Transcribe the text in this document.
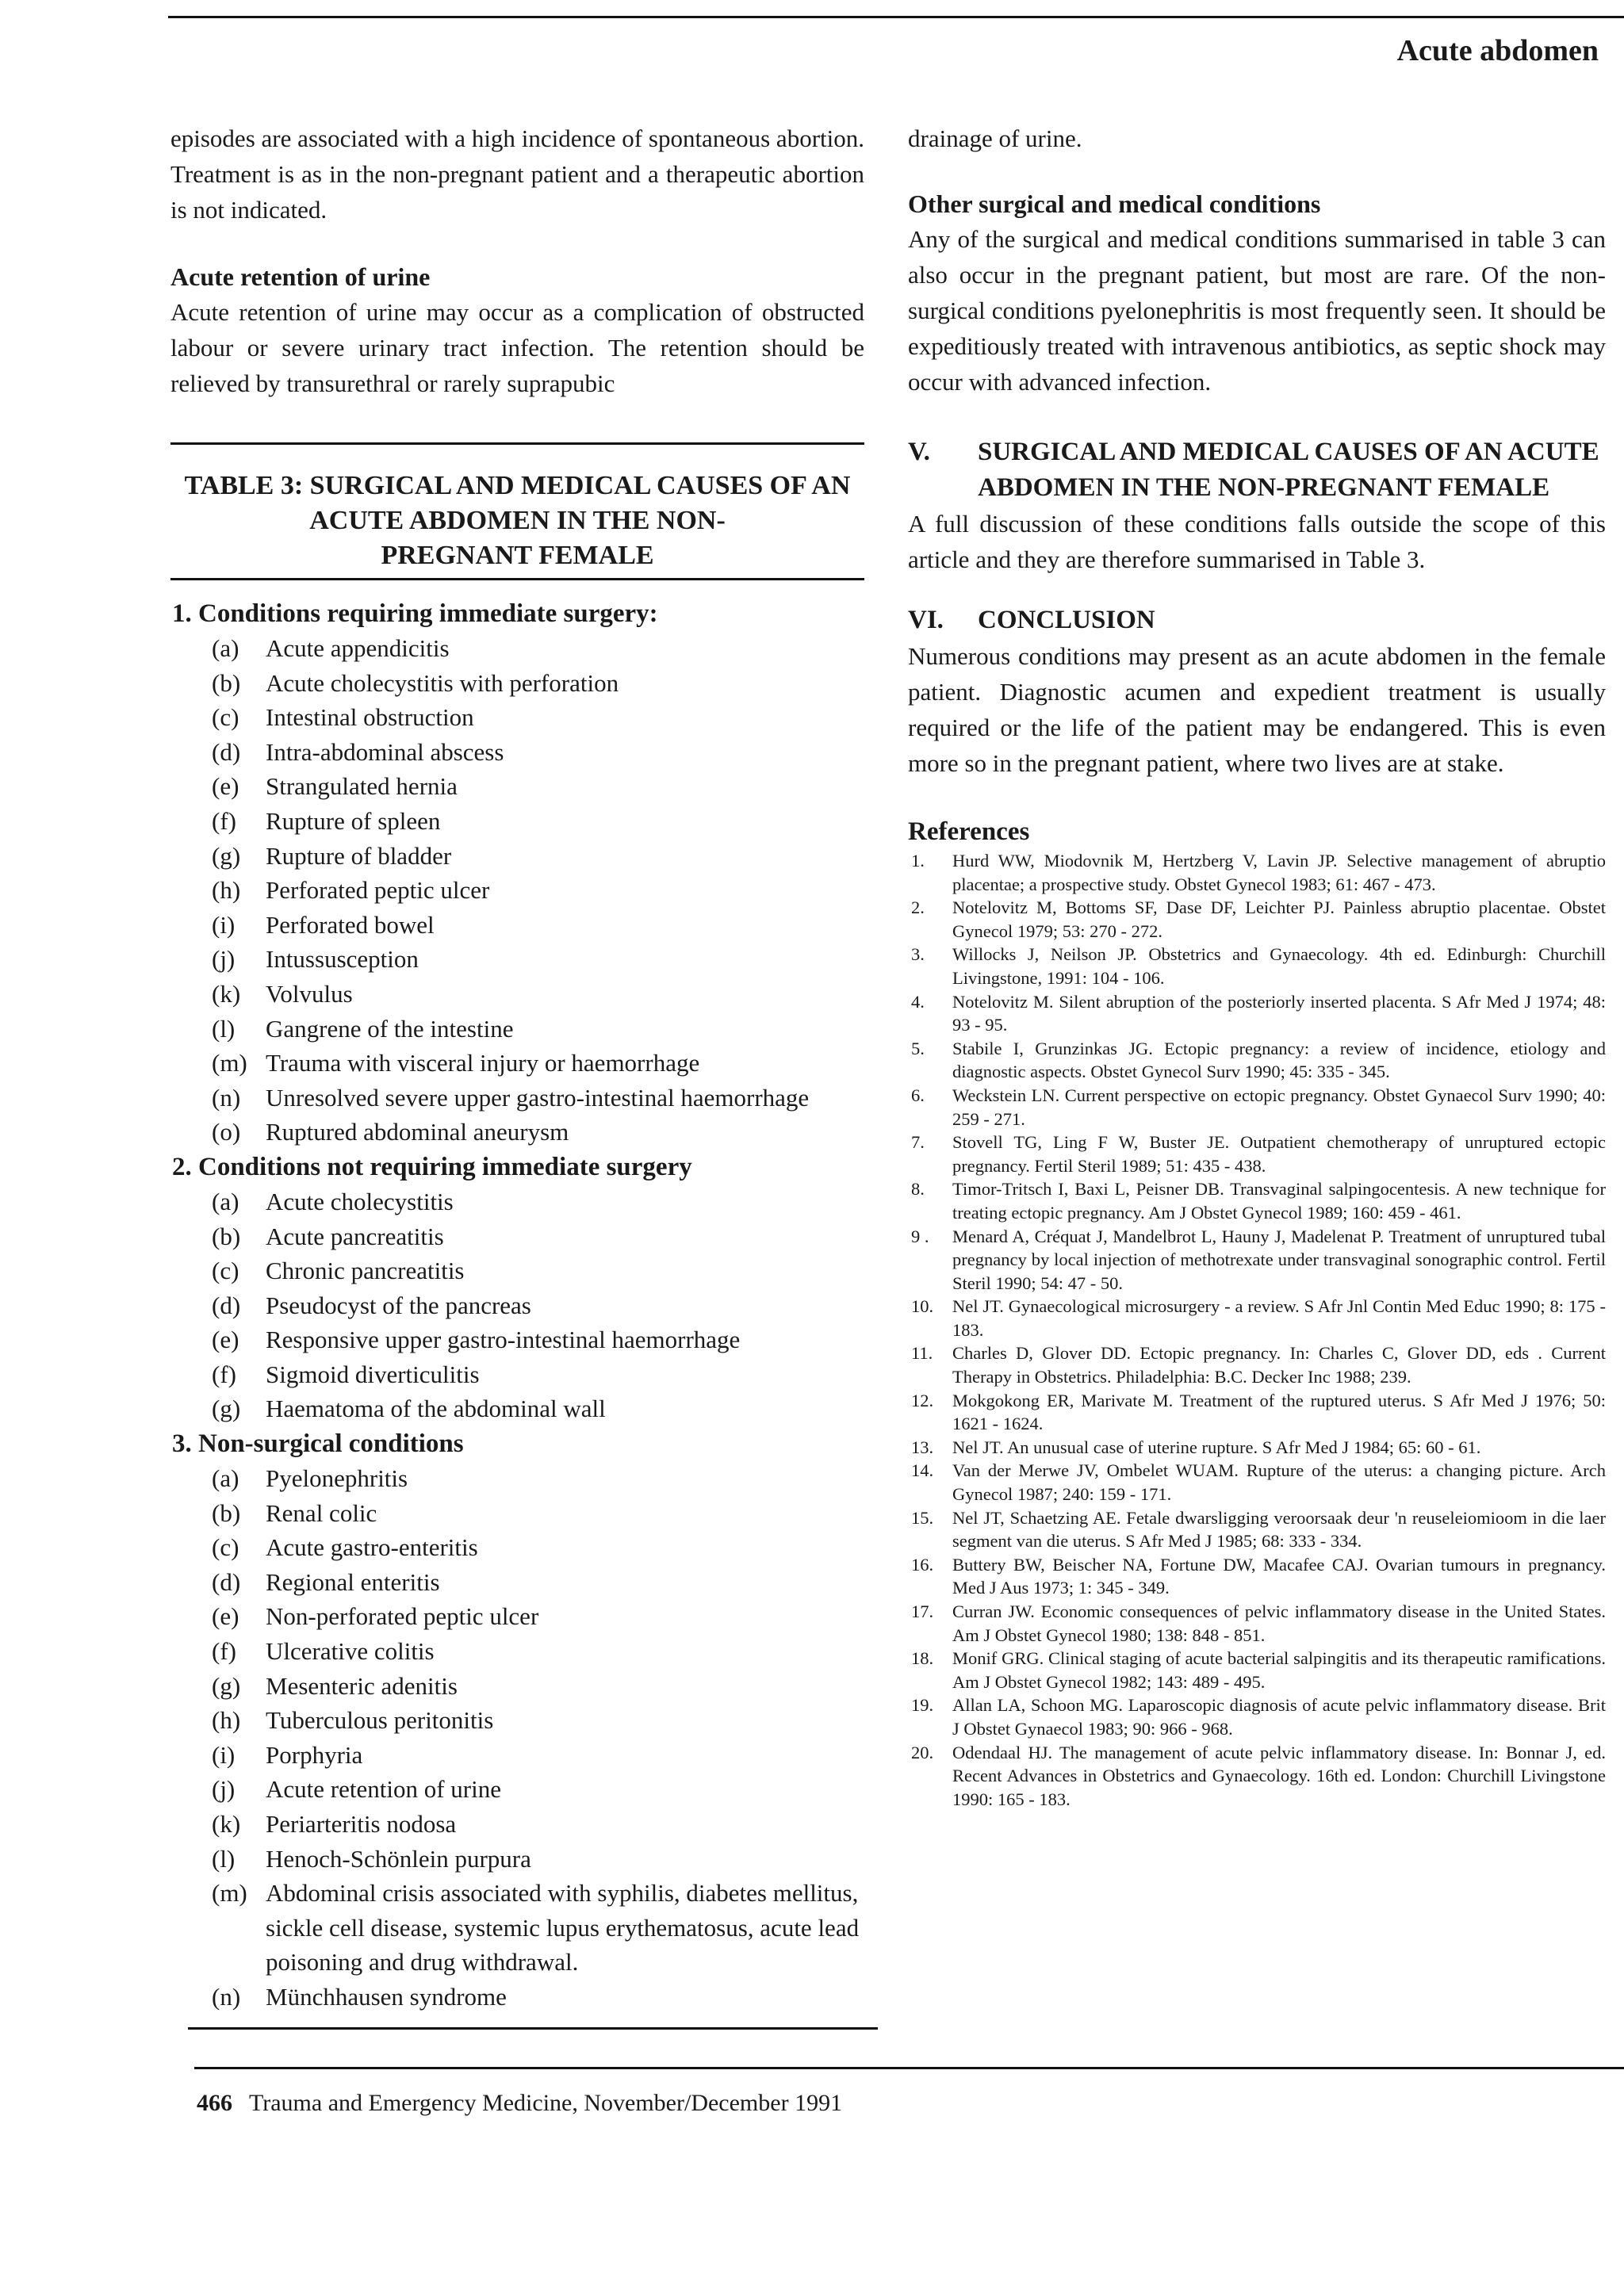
Acute abdomen

episodes are associated with a high incidence of spontaneous abortion. Treatment is as in the non-pregnant patient and a therapeutic abortion is not indicated.

Acute retention of urine

Acute retention of urine may occur as a complication of obstructed labour or severe urinary tract infection. The retention should be relieved by transurethral or rarely suprapubic

TABLE 3: SURGICAL AND MEDICAL CAUSES OF AN

ACUTE ABDOMEN IN THE NON-

PREGNANT FEMALE

1. Conditions requiring immediate surgery:

(a)	Acute appendicitis
(b)	Acute cholecystitis with perforation
(c)	Intestinal obstruction
(d)	Intra-abdominal abscess
(e)	Strangulated hernia
(f)	Rupture of spleen
(g)	Rupture of bladder
(h)	Perforated peptic ulcer
(i)	Perforated bowel
(j)	Intussusception
(k)	Volvulus
(l)	Gangrene of the intestine
(m) Trauma with visceral injury or haemorrhage
(n)	Unresolved severe upper gastro-intestinal haemorrhage
(o)	Ruptured abdominal aneurysm

2. Conditions not requiring immediate surgery

(a)	Acute cholecystitis
(b)	Acute pancreatitis
(c)	Chronic pancreatitis
(d)	Pseudocyst of the pancreas
(e)	Responsive upper gastro-intestinal haemorrhage
(f)	Sigmoid diverticulitis
(g)	Haematoma of the abdominal wall

3. Non-surgical conditions

(a)	Pyelonephritis
(b)	Renal colic
(c)	Acute gastro-enteritis
(d)	Regional enteritis
(e)	Non-perforated peptic ulcer
(f)	Ulcerative colitis
(g)	Mesenteric adenitis
(h)	Tuberculous peritonitis
(i)	Porphyria
(j)	Acute retention of urine
(k)	Periarteritis nodosa
(l)	Henoch-Schönlein purpura
(m) Abdominal crisis associated with syphilis, diabetes mellitus, sickle cell disease, systemic lupus erythematosus, acute lead poisoning and drug withdrawal.
(n)	Münchhausen syndrome

drainage of urine.

Other surgical and medical conditions

Any of the surgical and medical conditions summarised in table 3 can also occur in the pregnant patient, but most are rare. Of the non-surgical conditions pyelonephritis is most frequently seen. It should be expeditiously treated with intravenous antibiotics, as septic shock may occur with advanced infection.

V.	SURGICAL AND MEDICAL CAUSES OF AN ACUTE ABDOMEN IN THE NON-PREGNANT FEMALE

A full discussion of these conditions falls outside the scope of this article and they are therefore summarised in Table 3.

VI.	CONCLUSION

Numerous conditions may present as an acute abdomen in the female patient. Diagnostic acumen and expedient treatment is usually required or the life of the patient may be endangered. This is even more so in the pregnant patient, where two lives are at stake.

References
1.	Hurd WW, Miodovnik M, Hertzberg V, Lavin JP. Selective management of abruptio placentae; a prospective study. Obstet Gynecol 1983; 61: 467 - 473.
2.	Notelovitz M, Bottoms SF, Dase DF, Leichter PJ. Painless abruptio placentae. Obstet Gynecol 1979; 53: 270 - 272.
3.	Willocks J, Neilson JP. Obstetrics and Gynaecology. 4th ed. Edinburgh: Churchill Livingstone, 1991: 104 - 106.
4.	Notelovitz M. Silent abruption of the posteriorly inserted placenta. S Afr Med J 1974; 48: 93 - 95.
5.	Stabile I, Grunzinkas JG. Ectopic pregnancy: a review of incidence, etiology and diagnostic aspects. Obstet Gynecol Surv 1990; 45: 335 - 345.
6.	Weckstein LN. Current perspective on ectopic pregnancy. Obstet Gynaecol Surv 1990; 40: 259 - 271.
7.	Stovell TG, Ling F W, Buster JE. Outpatient chemotherapy of unruptured ectopic pregnancy. Fertil Steril 1989; 51: 435 - 438.
8.	Timor-Tritsch I, Baxi L, Peisner DB. Transvaginal salpingocentesis. A new technique for treating ectopic pregnancy. Am J Obstet Gynecol 1989; 160: 459 - 461.
9 .	Menard A, Créquat J, Mandelbrot L, Hauny J, Madelenat P. Treatment of unruptured tubal pregnancy by local injection of methotrexate under transvaginal sonographic control. Fertil Steril 1990; 54: 47 - 50.
10.	Nel JT. Gynaecological microsurgery - a review. S Afr Jnl Contin Med Educ 1990; 8: 175 - 183.
11.	Charles D, Glover DD. Ectopic pregnancy. In: Charles C, Glover DD, eds . Current Therapy in Obstetrics. Philadelphia: B.C. Decker Inc 1988; 239.
12.	Mokgokong ER, Marivate M. Treatment of the ruptured uterus. S Afr Med J 1976; 50: 1621 - 1624.
13.	Nel JT. An unusual case of uterine rupture. S Afr Med J 1984; 65: 60 - 61.
14.	Van der Merwe JV, Ombelet WUAM. Rupture of the uterus: a changing picture. Arch Gynecol 1987; 240: 159 - 171.
15.	Nel JT, Schaetzing AE. Fetale dwarsligging veroorsaak deur 'n reuseleiomioom in die laer segment van die uterus. S Afr Med J 1985; 68: 333 - 334.
16.	Buttery BW, Beischer NA, Fortune DW, Macafee CAJ. Ovarian tumours in pregnancy. Med J Aus 1973; 1: 345 - 349.
17.	Curran JW. Economic consequences of pelvic inflammatory disease in the United States. Am J Obstet Gynecol 1980; 138: 848 - 851.
18.	Monif GRG. Clinical staging of acute bacterial salpingitis and its therapeutic ramifications. Am J Obstet Gynecol 1982; 143: 489 - 495.
19.	Allan LA, Schoon MG. Laparoscopic diagnosis of acute pelvic inflammatory disease. Brit J Obstet Gynaecol 1983; 90: 966 - 968.
20.	Odendaal HJ. The management of acute pelvic inflammatory disease. In: Bonnar J, ed. Recent Advances in Obstetrics and Gynaecology. 16th ed. London: Churchill Livingstone 1990: 165 - 183.
466 Trauma and Emergency Medicine, November/December 1991
